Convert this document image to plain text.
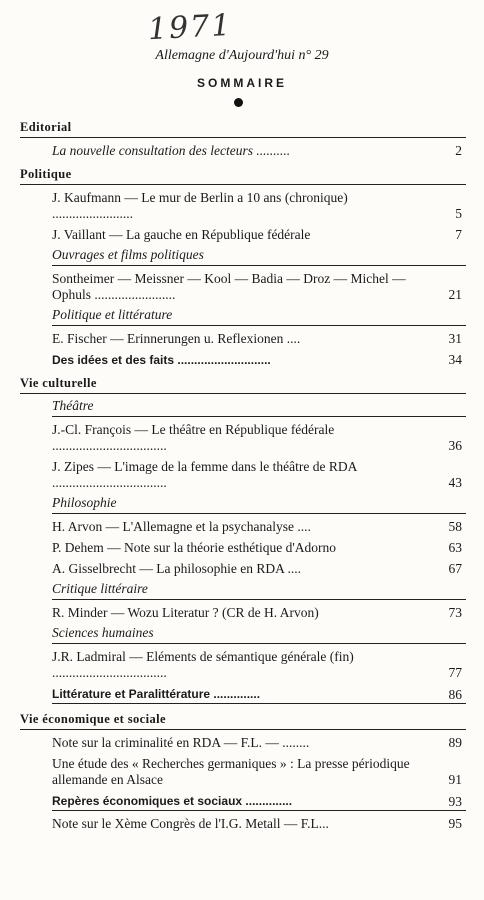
1971
Allemagne d'Aujourd'hui n° 29
SOMMAIRE
Editorial
La nouvelle consultation des lecteurs ..........	2
Politique
J. Kaufmann — Le mur de Berlin a 10 ans (chronique) ........................	5
J. Vaillant — La gauche en République fédérale	7
Ouvrages et films politiques
Sontheimer — Meissner — Kool — Badia — Droz — Michel — Ophuls ........................	21
Politique et littérature
E. Fischer — Erinnerungen u. Reflexionen ....	31
Des idées et des faits ............................	34
Vie culturelle
Théâtre
J.-Cl. François — Le théâtre en République fédérale ..................................	36
J. Zipes — L'image de la femme dans le théâtre de RDA ..................................	43
Philosophie
H. Arvon — L'Allemagne et la psychanalyse ....	58
P. Dehem — Note sur la théorie esthétique d'Adorno	63
A. Gisselbrecht — La philosophie en RDA ....	67
Critique littéraire
R. Minder — Wozu Literatur ? (CR de H. Arvon)	73
Sciences humaines
J.R. Ladmiral — Eléments de sémantique générale (fin) ..................................	77
Littérature et Paralittérature ..............	86
Vie économique et sociale
Note sur la criminalité en RDA — F.L. — ........	89
Une étude des « Recherches germaniques » : La presse périodique allemande en Alsace	91
Repères économiques et sociaux ..............	93
Note sur le Xème Congrès de l'I.G. Metall — F.L...	95
